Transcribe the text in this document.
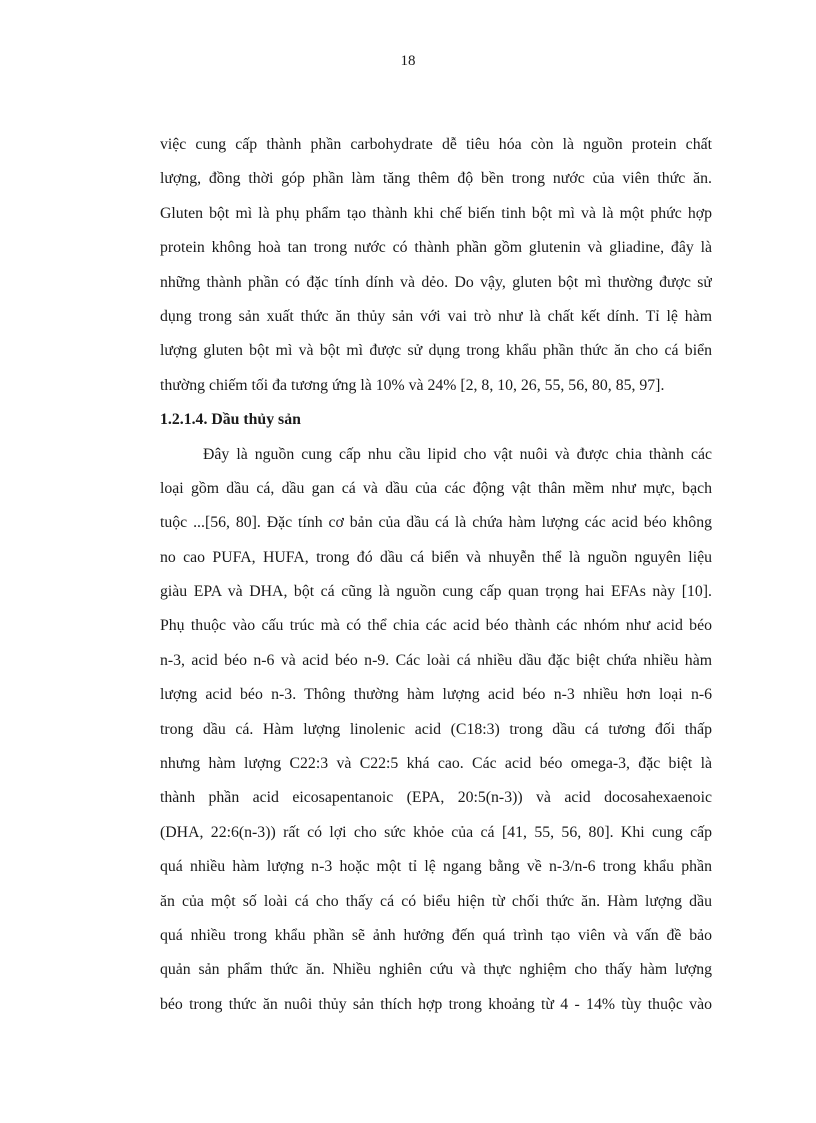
18
việc cung cấp thành phần carbohydrate dễ tiêu hóa còn là nguồn protein chất
lượng, đồng thời góp phần làm tăng thêm độ bền trong nước của viên thức ăn.
Gluten bột mì là phụ phẩm tạo thành khi chế biến tinh bột mì và là một phức hợp
protein không hoà tan trong nước có thành phần gồm glutenin và gliadine, đây là
những thành phần có đặc tính dính và dẻo. Do vậy, gluten bột mì thường được sử
dụng trong sản xuất thức ăn thủy sản với vai trò như là chất kết dính. Tỉ lệ hàm
lượng gluten bột mì và bột mì được sử dụng trong khẩu phần thức ăn cho cá biển
thường chiếm tối đa tương ứng là 10% và 24% [2, 8, 10, 26, 55, 56, 80, 85, 97].
1.2.1.4. Dầu thủy sản
Đây là nguồn cung cấp nhu cầu lipid cho vật nuôi và được chia thành các
loại gồm dầu cá, dầu gan cá và dầu của các động vật thân mềm như mực, bạch
tuộc ...[56, 80]. Đặc tính cơ bản của dầu cá là chứa hàm lượng các acid béo không
no cao PUFA, HUFA, trong đó dầu cá biển và nhuyễn thể là nguồn nguyên liệu
giàu EPA và DHA, bột cá cũng là nguồn cung cấp quan trọng hai EFAs này [10].
Phụ thuộc vào cấu trúc mà có thể chia các acid béo thành các nhóm như acid béo
n-3, acid béo n-6 và acid béo n-9. Các loài cá nhiều dầu đặc biệt chứa nhiều hàm
lượng acid béo n-3. Thông thường hàm lượng acid béo n-3 nhiều hơn loại n-6
trong dầu cá. Hàm lượng linolenic acid (C18:3) trong dầu cá tương đối thấp
nhưng hàm lượng C22:3 và C22:5 khá cao. Các acid béo omega-3, đặc biệt là
thành phần acid eicosapentanoic (EPA, 20:5(n-3)) và acid docosahexaenoic
(DHA, 22:6(n-3)) rất có lợi cho sức khỏe của cá [41, 55, 56, 80]. Khi cung cấp
quá nhiều hàm lượng n-3 hoặc một tỉ lệ ngang bằng về n-3/n-6 trong khẩu phần
ăn của một số loài cá cho thấy cá có biểu hiện từ chối thức ăn. Hàm lượng dầu
quá nhiều trong khẩu phần sẽ ảnh hưởng đến quá trình tạo viên và vấn đề bảo
quản sản phẩm thức ăn. Nhiều nghiên cứu và thực nghiệm cho thấy hàm lượng
béo trong thức ăn nuôi thủy sản thích hợp trong khoảng từ 4 - 14% tùy thuộc vào
